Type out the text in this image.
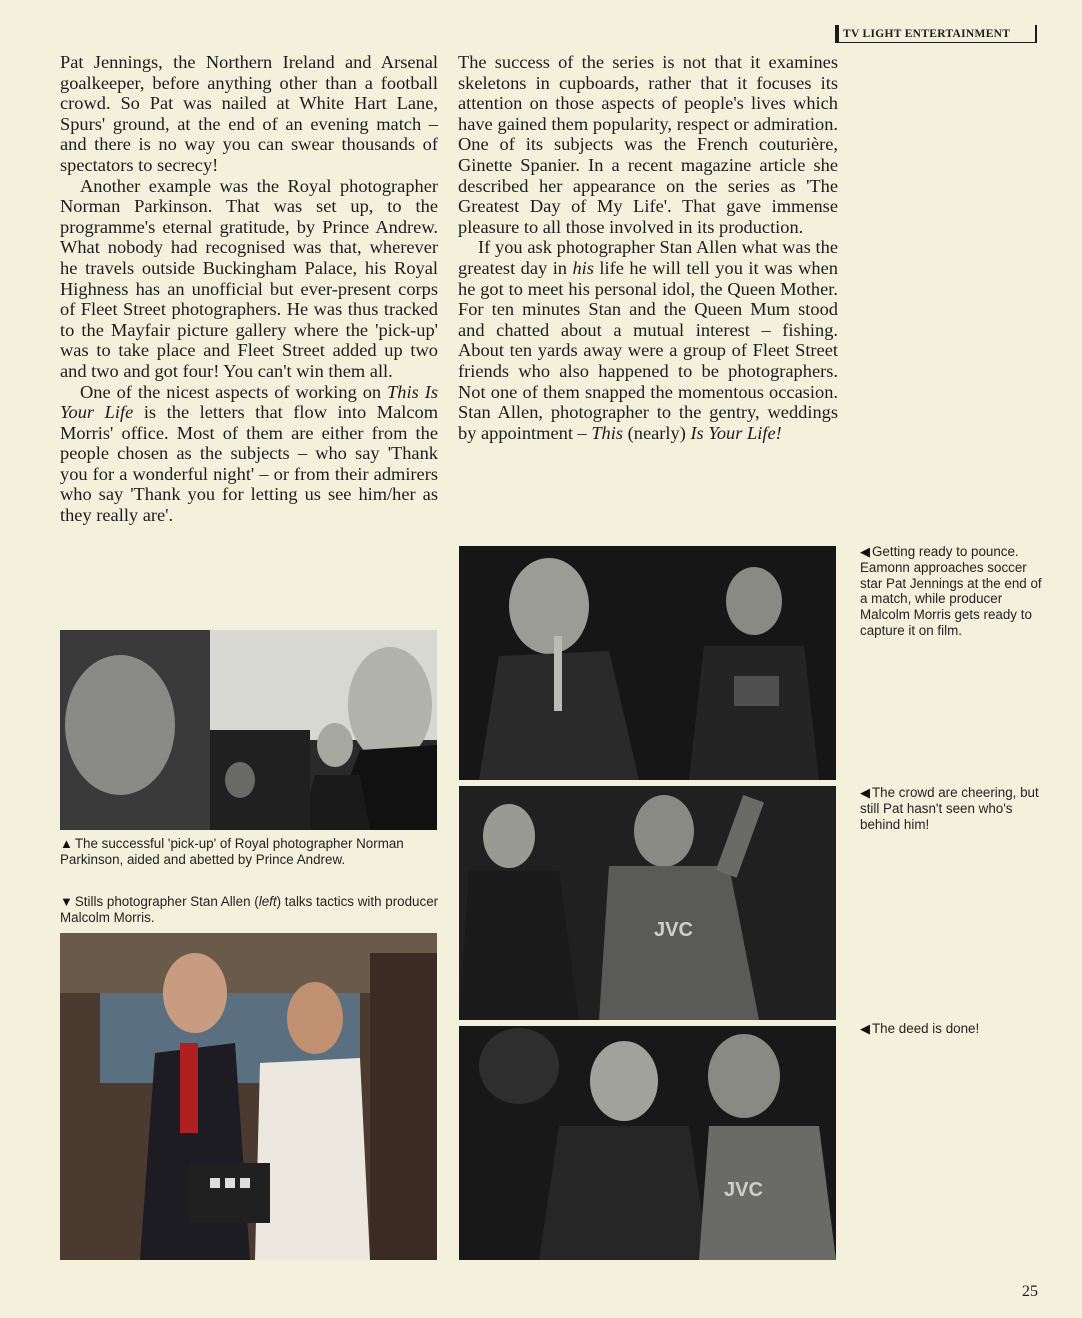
TV LIGHT ENTERTAINMENT

Pat Jennings, the Northern Ireland and Arsenal goalkeeper, before anything other than a football crowd. So Pat was nailed at White Hart Lane, Spurs' ground, at the end of an evening match – and there is no way you can swear thousands of spectators to secrecy!

Another example was the Royal photographer Norman Parkinson. That was set up, to the programme's eternal gratitude, by Prince Andrew. What nobody had recognised was that, wherever he travels outside Buckingham Palace, his Royal Highness has an unofficial but ever-present corps of Fleet Street photographers. He was thus tracked to the Mayfair picture gallery where the 'pick-up' was to take place and Fleet Street added up two and two and got four! You can't win them all.

One of the nicest aspects of working on This Is Your Life is the letters that flow into Malcom Morris' office. Most of them are either from the people chosen as the subjects – who say 'Thank you for a wonderful night' – or from their admirers who say 'Thank you for letting us see him/her as they really are'.

The success of the series is not that it examines skeletons in cupboards, rather that it focuses its attention on those aspects of people's lives which have gained them popularity, respect or admiration. One of its subjects was the French couturière, Ginette Spanier. In a recent magazine article she described her appearance on the series as 'The Greatest Day of My Life'. That gave immense pleasure to all those involved in its production.

If you ask photographer Stan Allen what was the greatest day in his life he will tell you it was when he got to meet his personal idol, the Queen Mother. For ten minutes Stan and the Queen Mum stood and chatted about a mutual interest – fishing. About ten yards away were a group of Fleet Street friends who also happened to be photographers. Not one of them snapped the momentous occasion. Stan Allen, photographer to the gentry, weddings by appointment – This (nearly) Is Your Life!

▲ The successful 'pick-up' of Royal photographer Norman Parkinson, aided and abetted by Prince Andrew.
▼ Stills photographer Stan Allen (left) talks tactics with producer Malcolm Morris.
JVC
JVC
◀ Getting ready to pounce. Eamonn approaches soccer star Pat Jennings at the end of a match, while producer Malcolm Morris gets ready to capture it on film.
◀ The crowd are cheering, but still Pat hasn't seen who's behind him!
◀ The deed is done!
25
